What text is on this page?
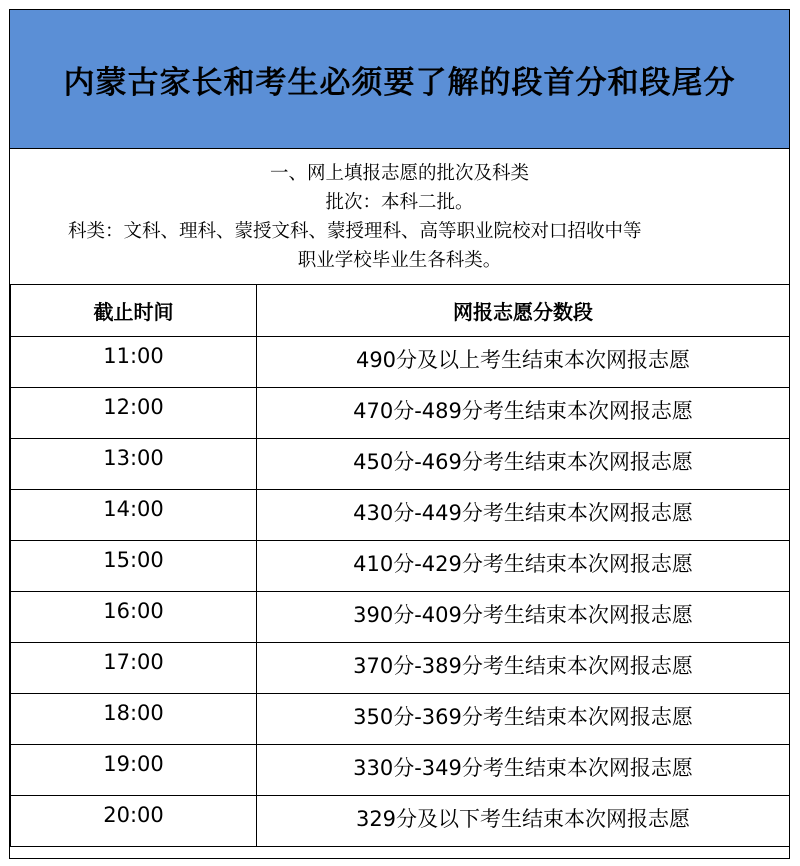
内蒙古家长和考生必须要了解的段首分和段尾分
一、网上填报志愿的批次及科类
批次：本科二批。
科类：文科、理科、蒙授文科、蒙授理科、高等职业院校对口招收中等
职业学校毕业生各科类。
截止时间	网报志愿分数段
11:00	490分及以上考生结束本次网报志愿
12:00	470分-489分考生结束本次网报志愿
13:00	450分-469分考生结束本次网报志愿
14:00	430分-449分考生结束本次网报志愿
15:00	410分-429分考生结束本次网报志愿
16:00	390分-409分考生结束本次网报志愿
17:00	370分-389分考生结束本次网报志愿
18:00	350分-369分考生结束本次网报志愿
19:00	330分-349分考生结束本次网报志愿
20:00	329分及以下考生结束本次网报志愿
